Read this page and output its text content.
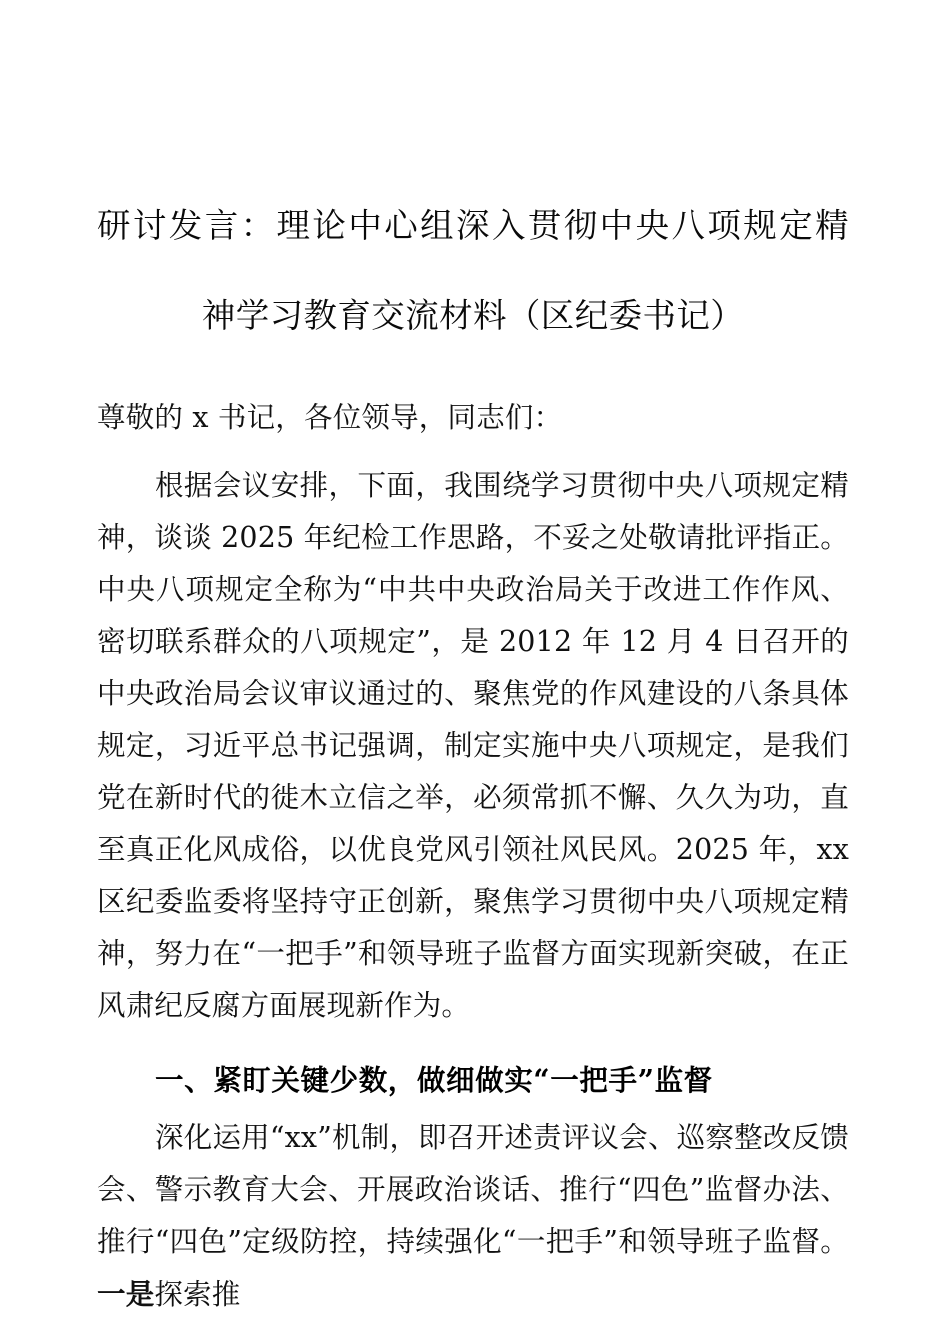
研讨发言：理论中心组深入贯彻中央八项规定精
神学习教育交流材料（区纪委书记）

尊敬的 x 书记，各位领导，同志们：

根据会议安排，下面，我围绕学习贯彻中央八项规定精神，谈谈 2025 年纪检工作思路，不妥之处敬请批评指正。中央八项规定全称为“中共中央政治局关于改进工作作风、密切联系群众的八项规定”，是 2012 年 12 月 4 日召开的中央政治局会议审议通过的、聚焦党的作风建设的八条具体规定，习近平总书记强调，制定实施中央八项规定，是我们党在新时代的徙木立信之举，必须常抓不懈、久久为功，直至真正化风成俗，以优良党风引领社风民风。2025 年，xx 区纪委监委将坚持守正创新，聚焦学习贯彻中央八项规定精神，努力在“一把手”和领导班子监督方面实现新突破，在正风肃纪反腐方面展现新作为。

一、紧盯关键少数，做细做实“一把手”监督

深化运用“xx”机制，即召开述责评议会、巡察整改反馈会、警示教育大会、开展政治谈话、推行“四色”监督办法、推行“四色”定级防控，持续强化“一把手”和领导班子监督。一是探索推
